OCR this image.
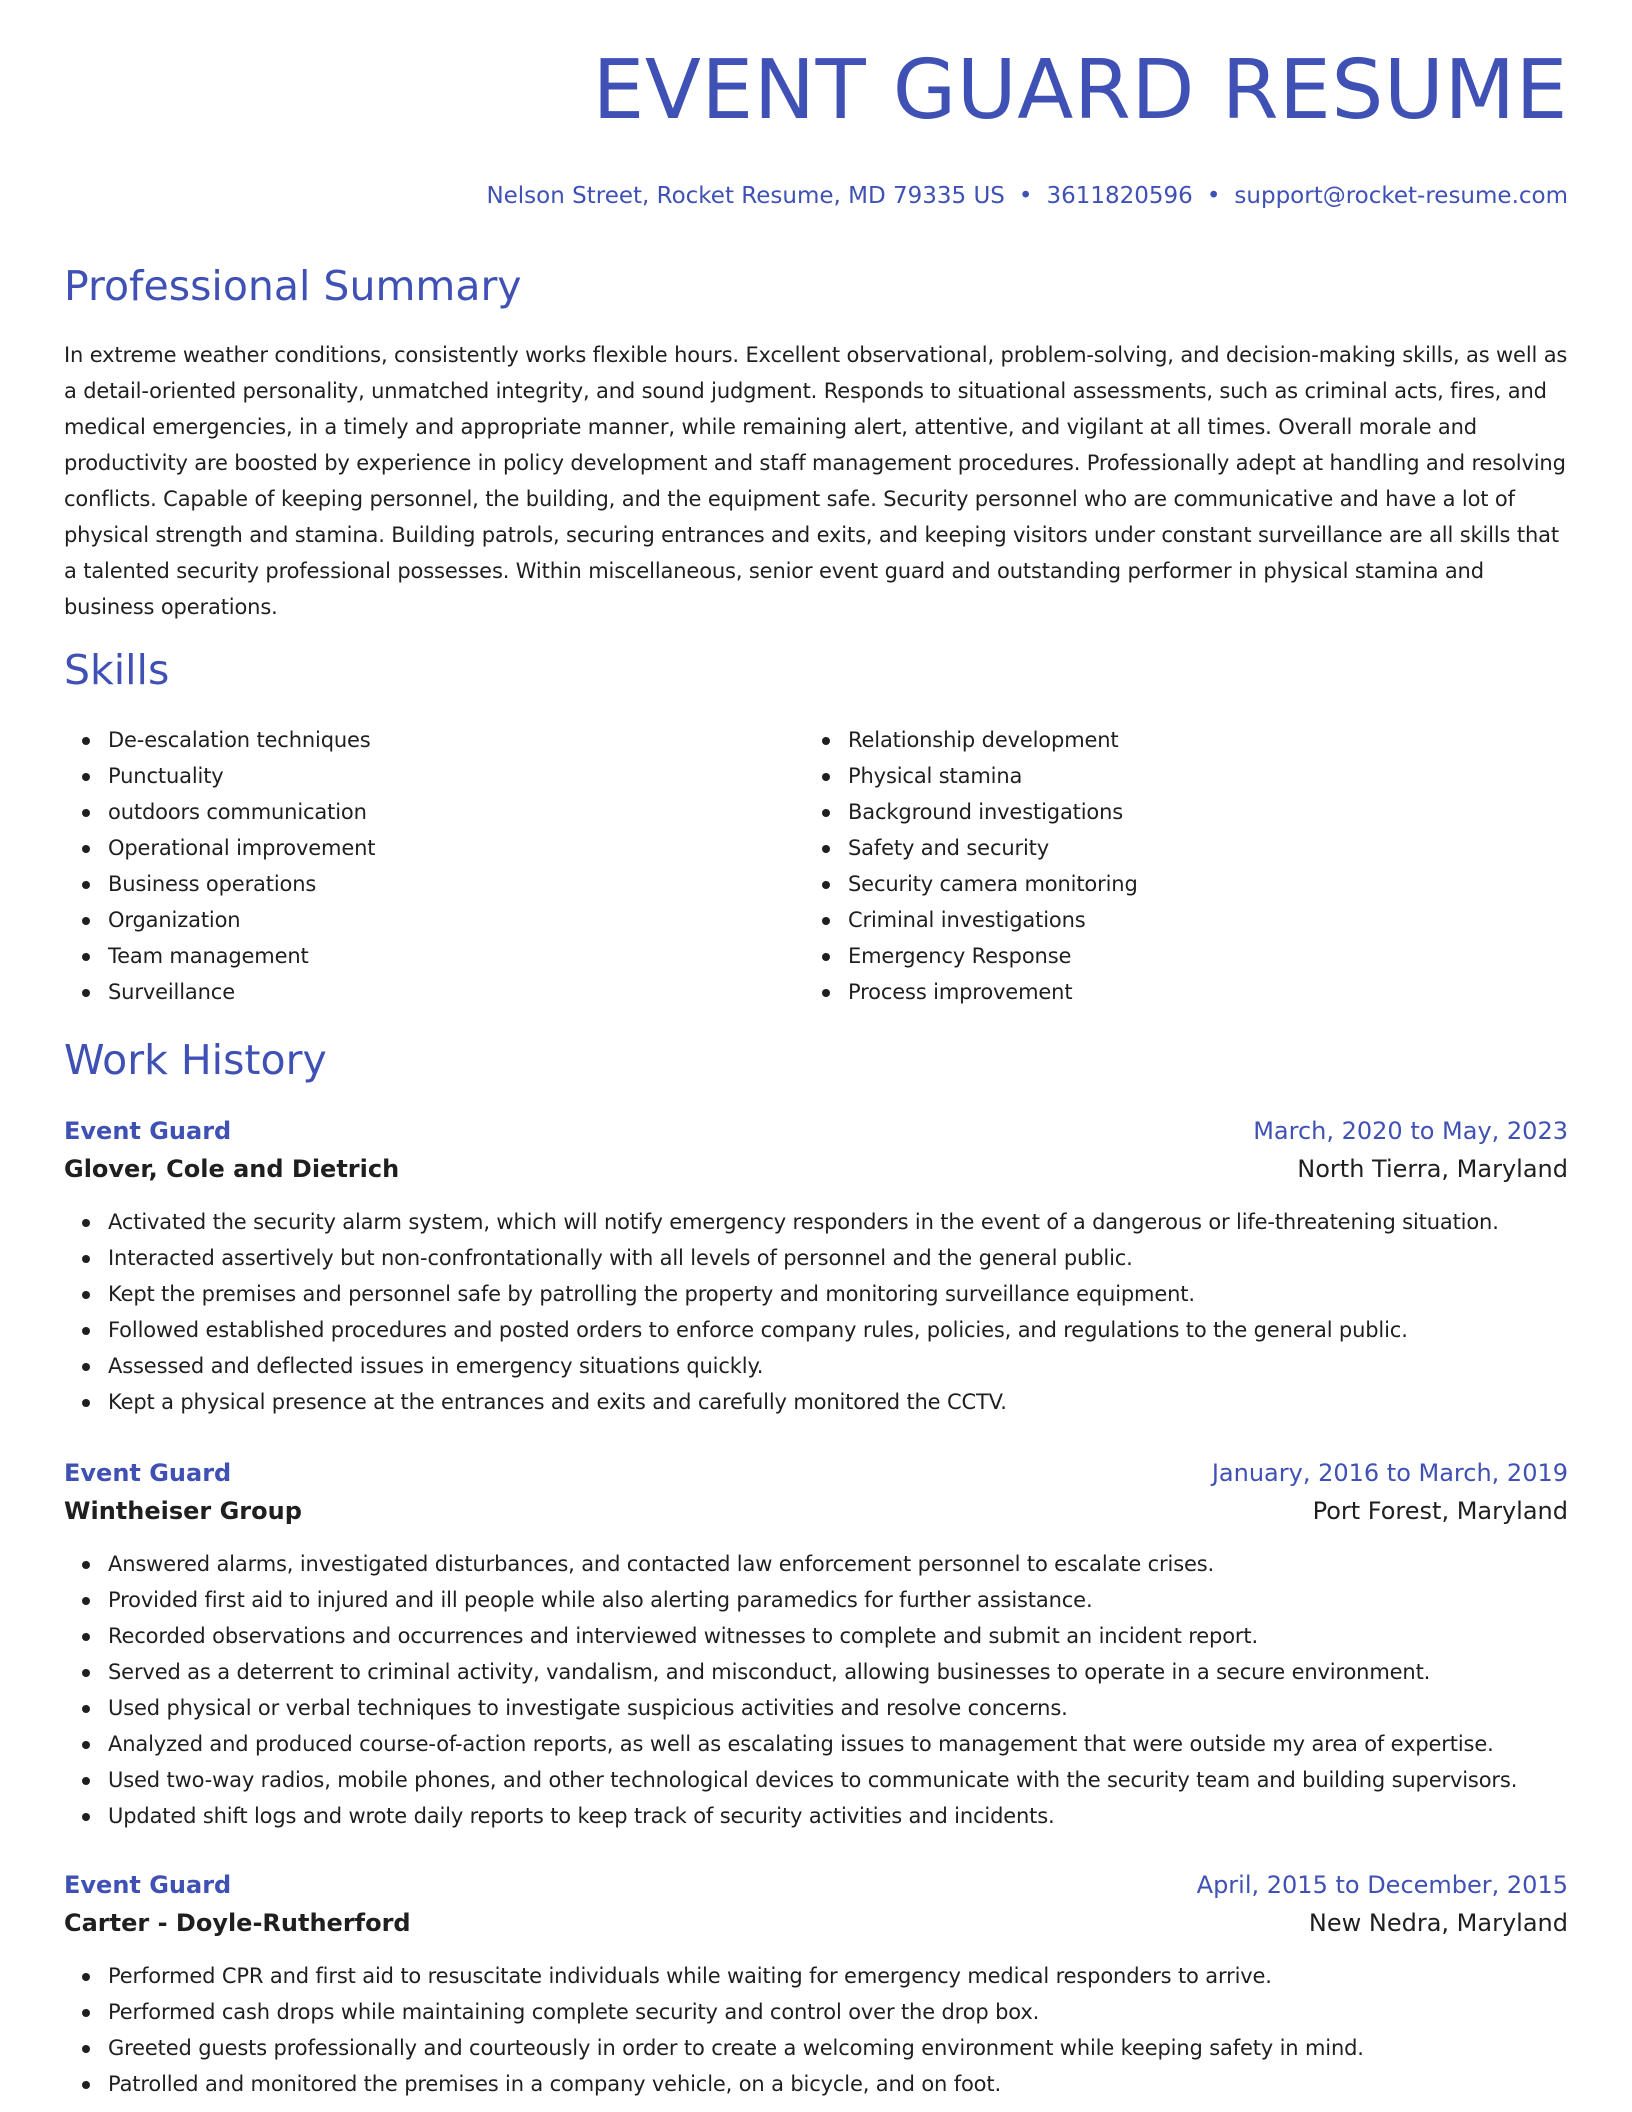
EVENT GUARD RESUME
Nelson Street, Rocket Resume, MD 79335 US • 3611820596 • support@rocket-resume.com
Professional Summary

In extreme weather conditions, consistently works flexible hours. Excellent observational, problem-solving, and decision-making skills, as well as a detail-oriented personality, unmatched integrity, and sound judgment. Responds to situational assessments, such as criminal acts, fires, and medical emergencies, in a timely and appropriate manner, while remaining alert, attentive, and vigilant at all times. Overall morale and productivity are boosted by experience in policy development and staff management procedures. Professionally adept at handling and resolving conflicts. Capable of keeping personnel, the building, and the equipment safe. Security personnel who are communicative and have a lot of physical strength and stamina. Building patrols, securing entrances and exits, and keeping visitors under constant surveillance are all skills that a talented security professional possesses. Within miscellaneous, senior event guard and outstanding performer in physical stamina and business operations.

Skills
De-escalation techniques
Punctuality
outdoors communication
Operational improvement
Business operations
Organization
Team management
Surveillance
Relationship development
Physical stamina
Background investigations
Safety and security
Security camera monitoring
Criminal investigations
Emergency Response
Process improvement
Work History
Event Guard	March, 2020 to May, 2023
Glover, Cole and Dietrich	North Tierra, Maryland
Activated the security alarm system, which will notify emergency responders in the event of a dangerous or life-threatening situation.
Interacted assertively but non-confrontationally with all levels of personnel and the general public.
Kept the premises and personnel safe by patrolling the property and monitoring surveillance equipment.
Followed established procedures and posted orders to enforce company rules, policies, and regulations to the general public.
Assessed and deflected issues in emergency situations quickly.
Kept a physical presence at the entrances and exits and carefully monitored the CCTV.
Event Guard	January, 2016 to March, 2019
Wintheiser Group	Port Forest, Maryland
Answered alarms, investigated disturbances, and contacted law enforcement personnel to escalate crises.
Provided first aid to injured and ill people while also alerting paramedics for further assistance.
Recorded observations and occurrences and interviewed witnesses to complete and submit an incident report.
Served as a deterrent to criminal activity, vandalism, and misconduct, allowing businesses to operate in a secure environment.
Used physical or verbal techniques to investigate suspicious activities and resolve concerns.
Analyzed and produced course-of-action reports, as well as escalating issues to management that were outside my area of expertise.
Used two-way radios, mobile phones, and other technological devices to communicate with the security team and building supervisors.
Updated shift logs and wrote daily reports to keep track of security activities and incidents.
Event Guard	April, 2015 to December, 2015
Carter - Doyle-Rutherford	New Nedra, Maryland
Performed CPR and first aid to resuscitate individuals while waiting for emergency medical responders to arrive.
Performed cash drops while maintaining complete security and control over the drop box.
Greeted guests professionally and courteously in order to create a welcoming environment while keeping safety in mind.
Patrolled and monitored the premises in a company vehicle, on a bicycle, and on foot.
